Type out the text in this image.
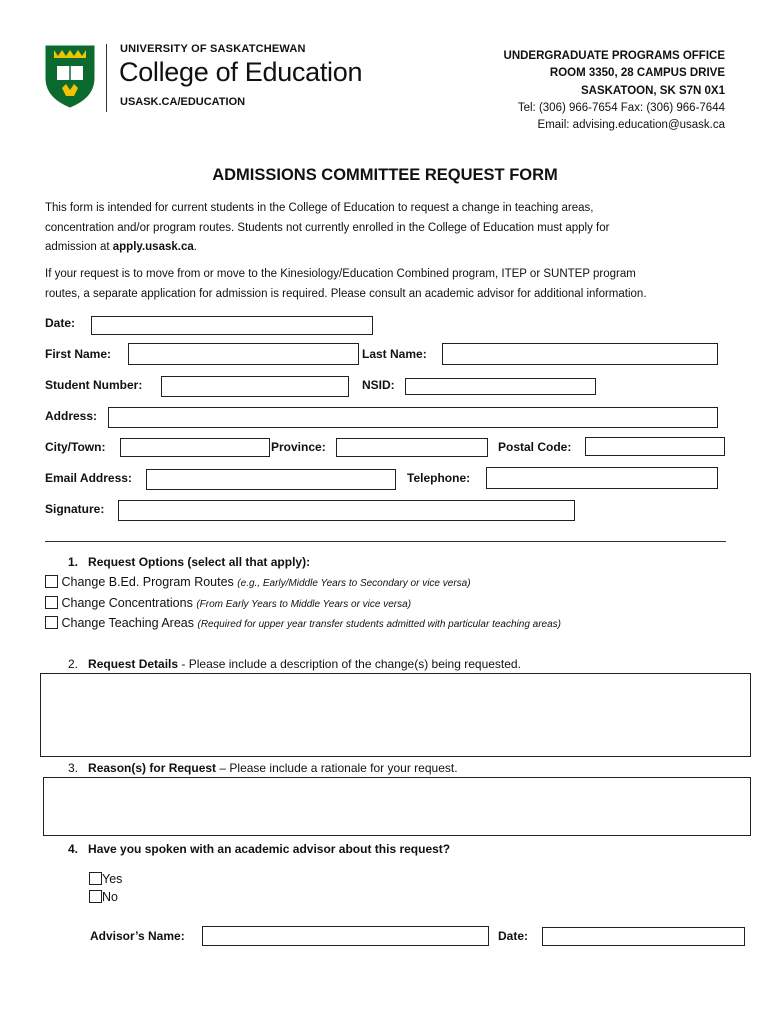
UNIVERSITY OF SASKATCHEWAN
College of Education
USASK.CA/EDUCATION
UNDERGRADUATE PROGRAMS OFFICE
ROOM 3350, 28 CAMPUS DRIVE
SASKATOON, SK S7N 0X1
Tel: (306) 966-7654 Fax: (306) 966-7644
Email: advising.education@usask.ca
ADMISSIONS COMMITTEE REQUEST FORM
This form is intended for current students in the College of Education to request a change in teaching areas,
concentration and/or program routes. Students not currently enrolled in the College of Education must apply for
admission at apply.usask.ca.
If your request is to move from or move to the Kinesiology/Education Combined program, ITEP or SUNTEP program
routes, a separate application for admission is required. Please consult an academic advisor for additional information.
Date:
First Name:	Last Name:
Student Number:	NSID:
Address:
City/Town:	Province:	Postal Code:
Email Address:	Telephone:
Signature:
1. Request Options (select all that apply):
Change B.Ed. Program Routes (e.g., Early/Middle Years to Secondary or vice versa)
Change Concentrations (From Early Years to Middle Years or vice versa)
Change Teaching Areas (Required for upper year transfer students admitted with particular teaching areas)
2. Request Details - Please include a description of the change(s) being requested.
3. Reason(s) for Request – Please include a rationale for your request.
4. Have you spoken with an academic advisor about this request?
Yes
No
Advisor’s Name:	Date:
